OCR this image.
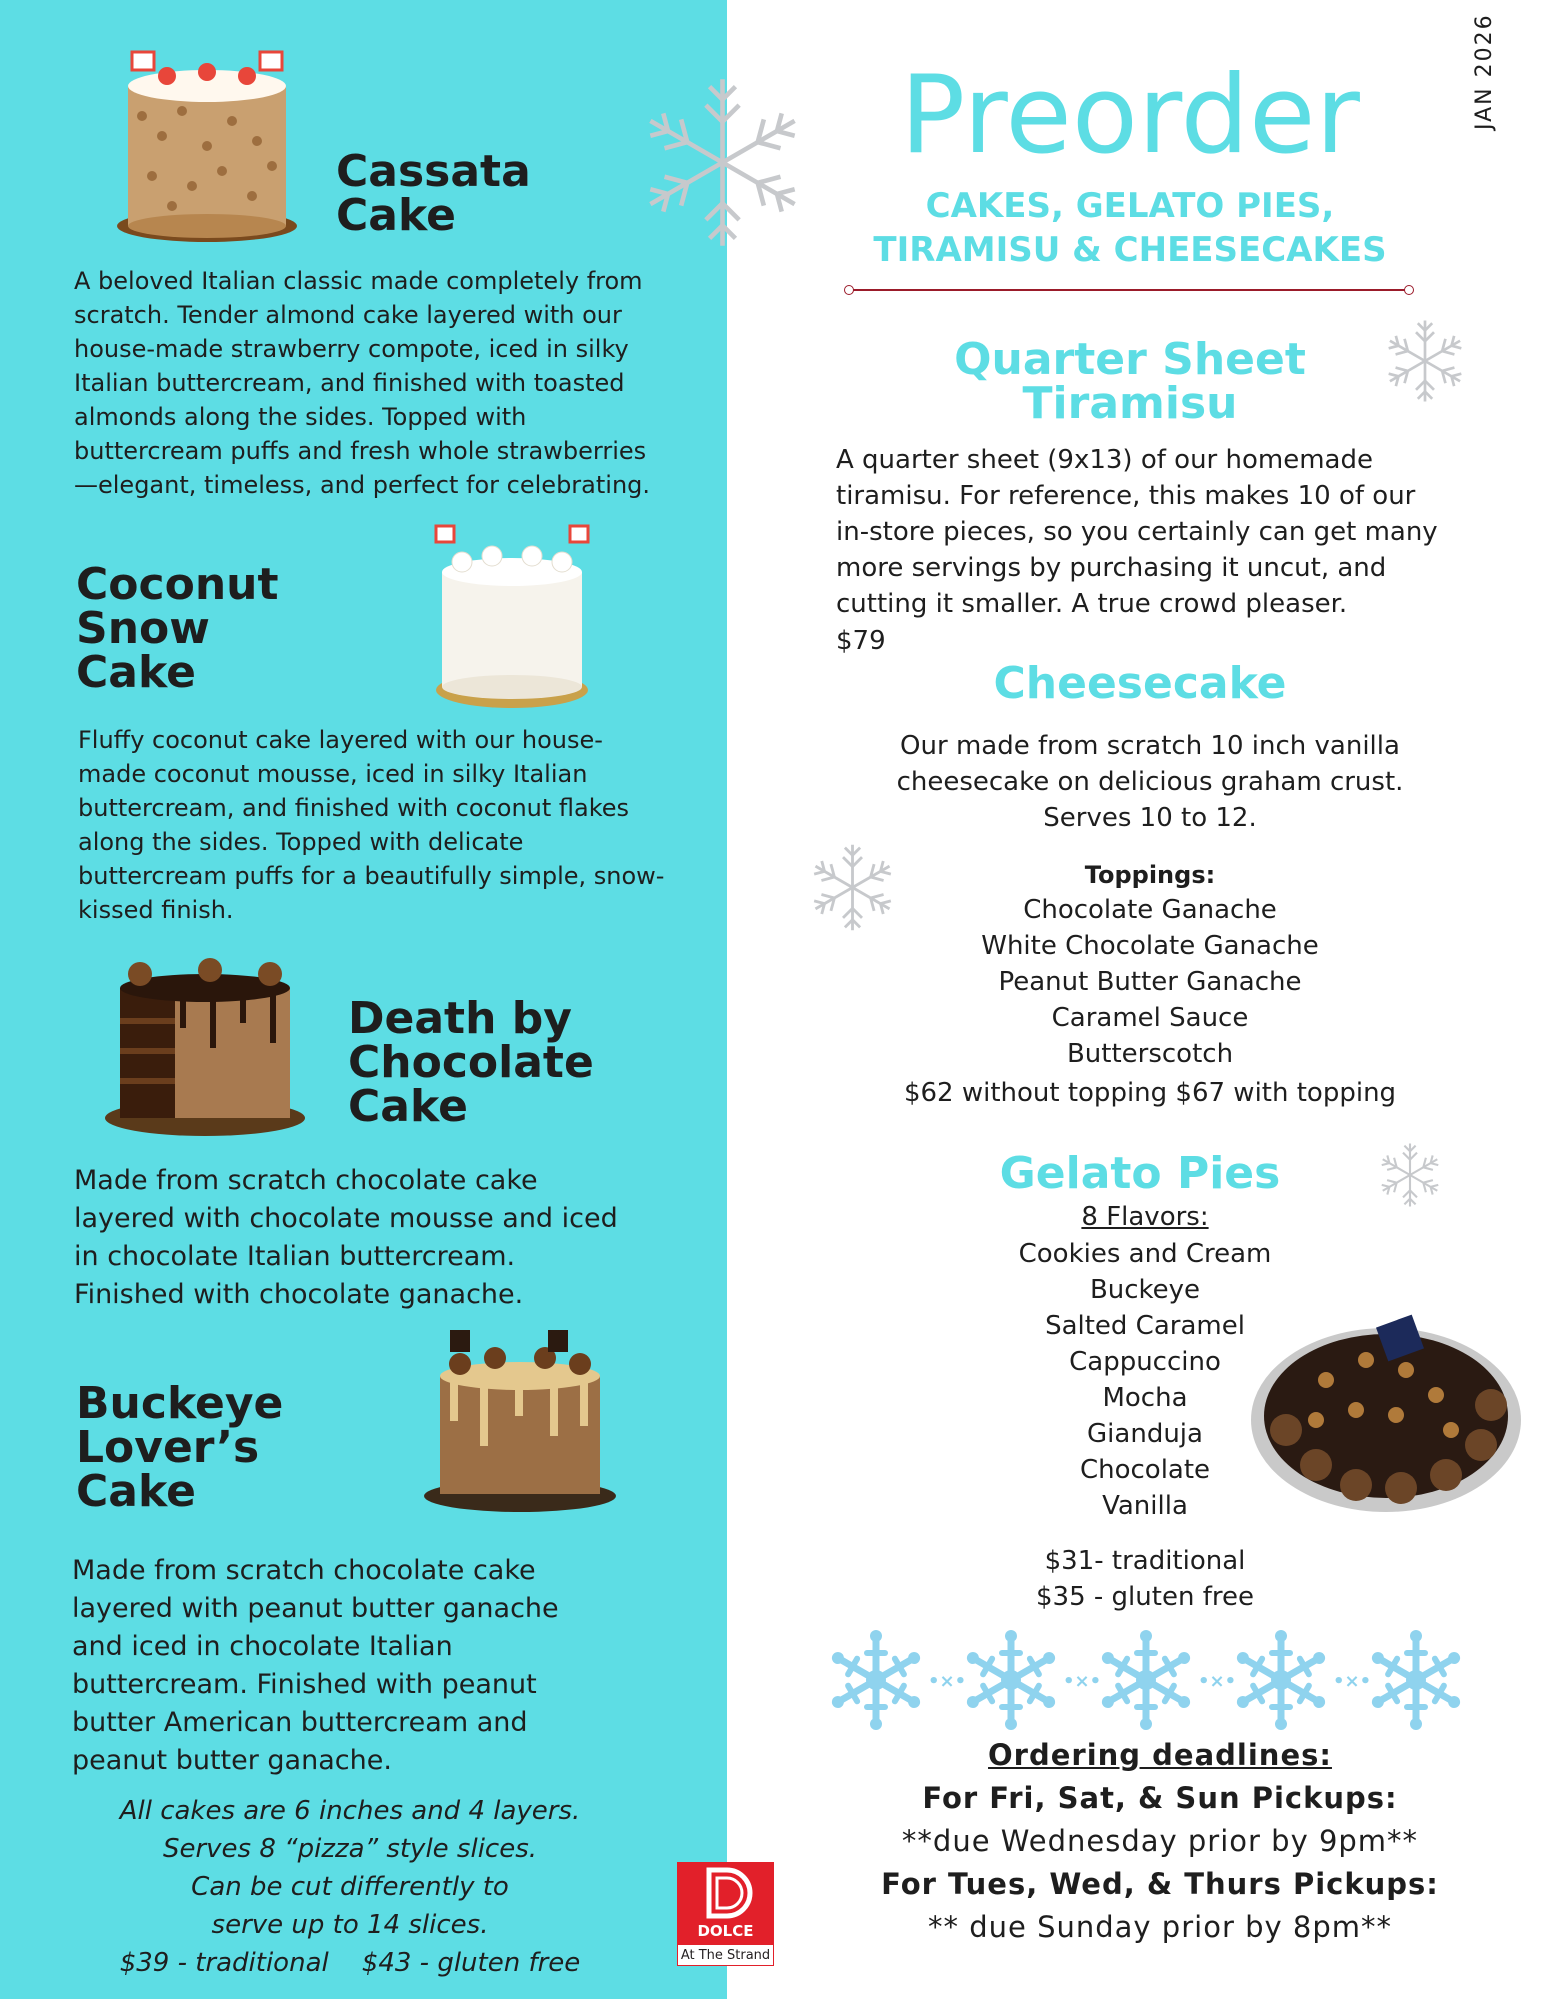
Cassata
Cake
A beloved Italian classic made completely from scratch. Tender almond cake layered with our house-made strawberry compote, iced in silky Italian buttercream, and finished with toasted almonds along the sides. Topped with buttercream puffs and fresh whole strawberries—elegant, timeless, and perfect for celebrating.
Coconut
Snow
Cake
Fluffy coconut cake layered with our house-made coconut mousse, iced in silky Italian buttercream, and finished with coconut flakes along the sides. Topped with delicate buttercream puffs for a beautifully simple, snow-kissed finish.
Death by
Chocolate
Cake
Made from scratch chocolate cake layered with chocolate mousse and iced in chocolate Italian buttercream. Finished with chocolate ganache.
Buckeye
Lover’s
Cake
Made from scratch chocolate cake layered with peanut butter ganache and iced in chocolate Italian buttercream. Finished with peanut butter American buttercream and peanut butter ganache.
All cakes are 6 inches and 4 layers.
Serves 8 “pizza” style slices.
Can be cut differently to
serve up to 14 slices.
$39 - traditional    $43 - gluten free
DOLCE
At The Strand
JAN 2026
Preorder
CAKES, GELATO PIES,
TIRAMISU & CHEESECAKES
Quarter Sheet
Tiramisu
A quarter sheet (9x13) of our homemade tiramisu. For reference, this makes 10 of our in-store pieces, so you certainly can get many more servings by purchasing it uncut, and cutting it smaller. A true crowd pleaser.
$79
Cheesecake
Our made from scratch 10 inch vanilla
cheesecake on delicious graham crust.
Serves 10 to 12.
Toppings:
Chocolate Ganache
White Chocolate Ganache
Peanut Butter Ganache
Caramel Sauce
Butterscotch
$62 without topping $67 with topping
Gelato Pies
8 Flavors:
Cookies and Cream
Buckeye
Salted Caramel
Cappuccino
Mocha
Gianduja
Chocolate
Vanilla
$31- traditional
$35 - gluten free
•×•	•×•	•×•	•×•
Ordering deadlines:
For Fri, Sat, & Sun Pickups:
**due Wednesday prior by 9pm**
For Tues, Wed, & Thurs Pickups:
** due Sunday prior by 8pm**
